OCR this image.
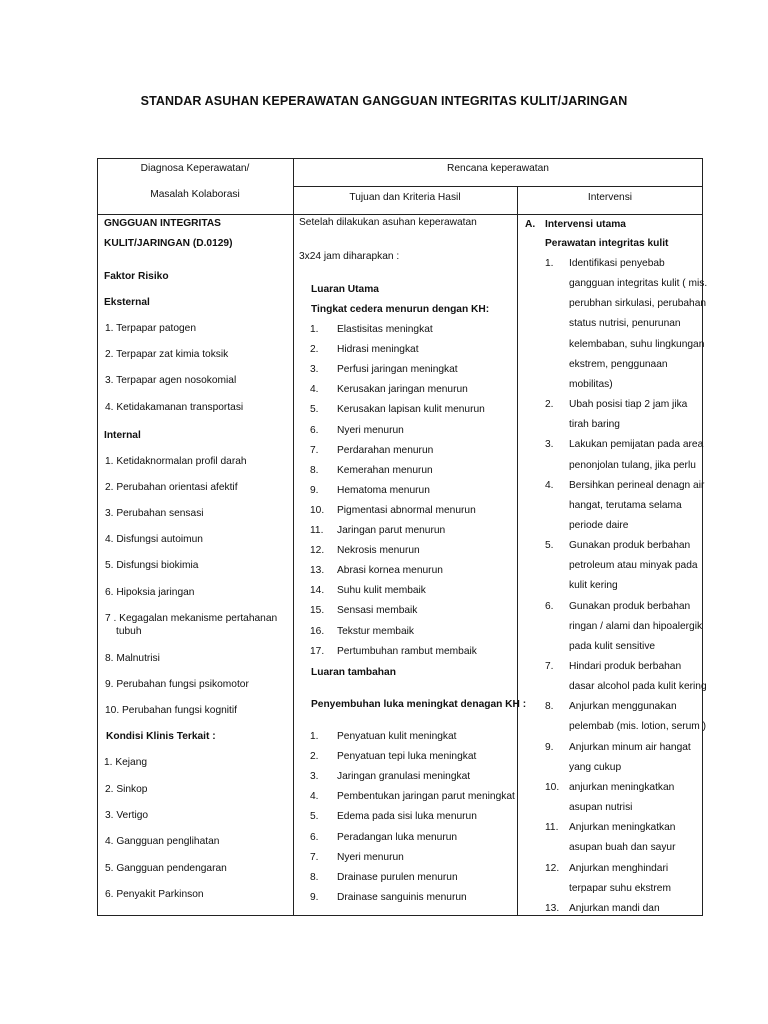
STANDAR ASUHAN KEPERAWATAN GANGGUAN INTEGRITAS KULIT/JARINGAN
Diagnosa Keperawatan/
Masalah Kolaborasi
Rencana keperawatan
Tujuan dan Kriteria Hasil	Intervensi
GNGGUAN INTEGRITAS
KULIT/JARINGAN (D.0129)
Faktor Risiko
Eksternal
1. Terpapar patogen
2. Terpapar zat kimia toksik
3. Terpapar agen nosokomial
4. Ketidakamanan transportasi
Internal
1. Ketidaknormalan profil darah
2. Perubahan orientasi afektif
3. Perubahan sensasi
4. Disfungsi autoimun
5. Disfungsi biokimia
6. Hipoksia jaringan
7 . Kegagalan mekanisme pertahanan
tubuh
8. Malnutrisi
9. Perubahan fungsi psikomotor
10. Perubahan fungsi kognitif
Kondisi Klinis Terkait :
1. Kejang
2. Sinkop
3. Vertigo
4. Gangguan penglihatan
5. Gangguan pendengaran
6. Penyakit Parkinson
Setelah dilakukan asuhan keperawatan
3x24 jam diharapkan :
Luaran Utama
Tingkat cedera menurun dengan KH:
1. Elastisitas meningkat
2. Hidrasi meningkat
3. Perfusi jaringan meningkat
4. Kerusakan jaringan menurun
5. Kerusakan lapisan kulit menurun
6. Nyeri menurun
7. Perdarahan menurun
8. Kemerahan menurun
9. Hematoma menurun
10. Pigmentasi abnormal menurun
11. Jaringan parut menurun
12. Nekrosis menurun
13. Abrasi kornea menurun
14. Suhu kulit membaik
15. Sensasi membaik
16. Tekstur membaik
17. Pertumbuhan rambut membaik
Luaran tambahan
Penyembuhan luka meningkat denagan KH :
1. Penyatuan kulit meningkat
2. Penyatuan tepi luka meningkat
3. Jaringan granulasi meningkat
4. Pembentukan jaringan parut meningkat
5. Edema pada sisi luka menurun
6. Peradangan luka menurun
7. Nyeri menurun
8. Drainase purulen menurun
9. Drainase sanguinis menurun
A. Intervensi utama
Perawatan integritas kulit
1. Identifikasi penyebab
gangguan integritas kulit ( mis.
perubhan sirkulasi, perubahan
status nutrisi, penurunan
kelembaban, suhu lingkungan
ekstrem, penggunaan
mobilitas)
2. Ubah posisi tiap 2 jam jika
tirah baring
3. Lakukan pemijatan pada area
penonjolan tulang, jika perlu
4. Bersihkan perineal denagn air
hangat, terutama selama
periode daire
5. Gunakan produk berbahan
petroleum atau minyak pada
kulit kering
6. Gunakan produk berbahan
ringan / alami dan hipoalergik
pada kulit sensitive
7. Hindari produk berbahan
dasar alcohol pada kulit kering
8. Anjurkan menggunakan
pelembab (mis. lotion, serum )
9. Anjurkan minum air hangat
yang cukup
10. anjurkan meningkatkan
asupan nutrisi
11. Anjurkan meningkatkan
asupan buah dan sayur
12. Anjurkan menghindari
terpapar suhu ekstrem
13. Anjurkan mandi dan
